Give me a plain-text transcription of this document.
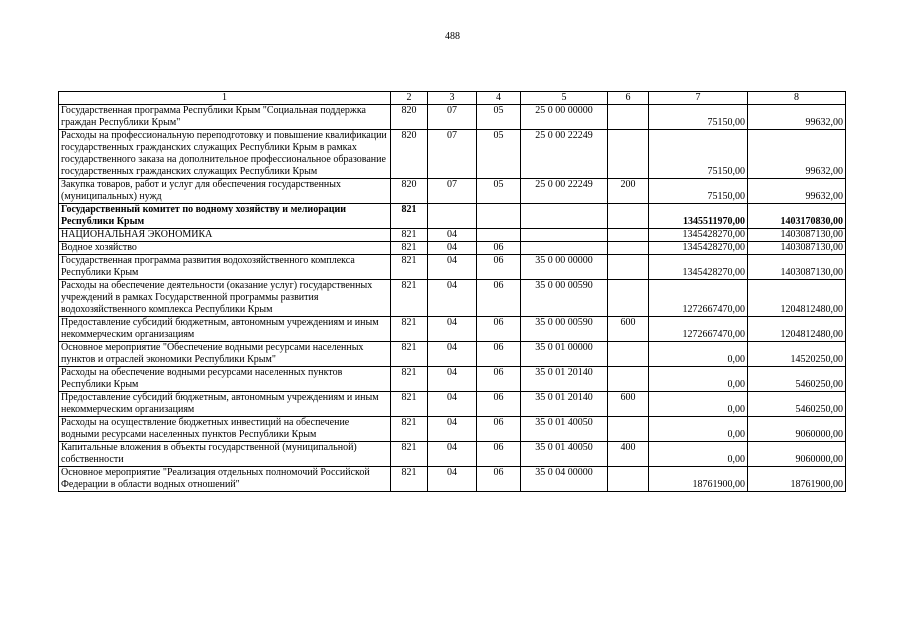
488
1	2	3	4	5	6	7	8
Государственная программа Республики Крым "Социальная поддержка граждан Республики Крым"	820	07	05	25 0 00 00000		75150,00	99632,00
Расходы на профессиональную переподготовку и повышение квалификации государственных гражданских служащих Республики Крым в рамках государственного заказа на дополнительное профессиональное образование государственных гражданских служащих Республики Крым	820	07	05	25 0 00 22249		75150,00	99632,00
Закупка товаров, работ и услуг для обеспечения государственных (муниципальных) нужд	820	07	05	25 0 00 22249	200	75150,00	99632,00
Государственный комитет по водному хозяйству и мелиорации Республики Крым	821					1345511970,00	1403170830,00
НАЦИОНАЛЬНАЯ ЭКОНОМИКА	821	04				1345428270,00	1403087130,00
Водное хозяйство	821	04	06			1345428270,00	1403087130,00
Государственная программа развития водохозяйственного комплекса Республики Крым	821	04	06	35 0 00 00000		1345428270,00	1403087130,00
Расходы на обеспечение деятельности (оказание услуг) государственных учреждений в рамках Государственной программы развития водохозяйственного комплекса Республики Крым	821	04	06	35 0 00 00590		1272667470,00	1204812480,00
Предоставление субсидий бюджетным, автономным учреждениям и иным некоммерческим организациям	821	04	06	35 0 00 00590	600	1272667470,00	1204812480,00
Основное мероприятие "Обеспечение водными ресурсами населенных пунктов и отраслей экономики Республики Крым"	821	04	06	35 0 01 00000		0,00	14520250,00
Расходы на обеспечение водными ресурсами населенных пунктов Республики Крым	821	04	06	35 0 01 20140		0,00	5460250,00
Предоставление субсидий бюджетным, автономным учреждениям и иным некоммерческим организациям	821	04	06	35 0 01 20140	600	0,00	5460250,00
Расходы на осуществление бюджетных инвестиций на обеспечение водными ресурсами населенных пунктов Республики Крым	821	04	06	35 0 01 40050		0,00	9060000,00
Капитальные вложения в объекты государственной (муниципальной) собственности	821	04	06	35 0 01 40050	400	0,00	9060000,00
Основное мероприятие "Реализация отдельных полномочий Российской Федерации в области водных отношений"	821	04	06	35 0 04 00000		18761900,00	18761900,00
